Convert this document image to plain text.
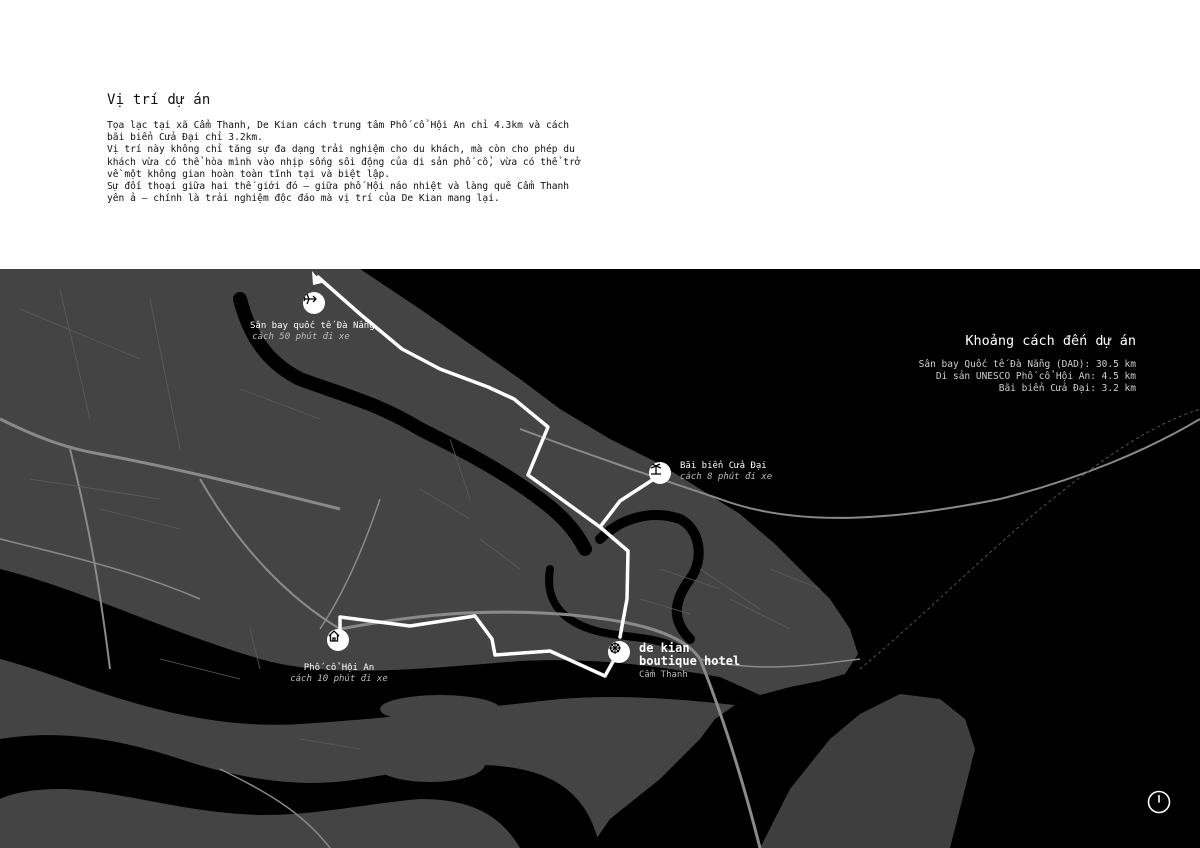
Vị trí dự án

Tọa lạc tại xã Cẩm Thanh, De Kian cách trung tâm Phố cổ Hội An chỉ 4.3km và cách bãi biển Cửa Đại chỉ 3.2km.

Vị trí này không chỉ tăng sự đa dạng trải nghiệm cho du khách, mà còn cho phép du khách vừa có thể hòa mình vào nhịp sống sôi động của di sản phố cổ, vừa có thể trở về một không gian hoàn toàn tĩnh tại và biệt lập.

Sự đối thoại giữa hai thế giới đó – giữa phố Hội náo nhiệt và làng quê Cẩm Thanh yên ả – chính là trải nghiệm độc đáo mà vị trí của De Kian mang lại.

Sân bay quốc tế Đà Nẵng
cách 50 phút đi xe
Bãi biển Cửa Đại
cách 8 phút đi xe
Phố cổ Hội An
cách 10 phút đi xe
de kian
boutique hotel
Cẩm Thanh
Khoảng cách đến dự án
Sân bay Quốc tế Đà Nẵng (DAD): 30.5 km
Di sản UNESCO Phố cổ Hội An: 4.5 km
Bãi biển Cửa Đại: 3.2 km
